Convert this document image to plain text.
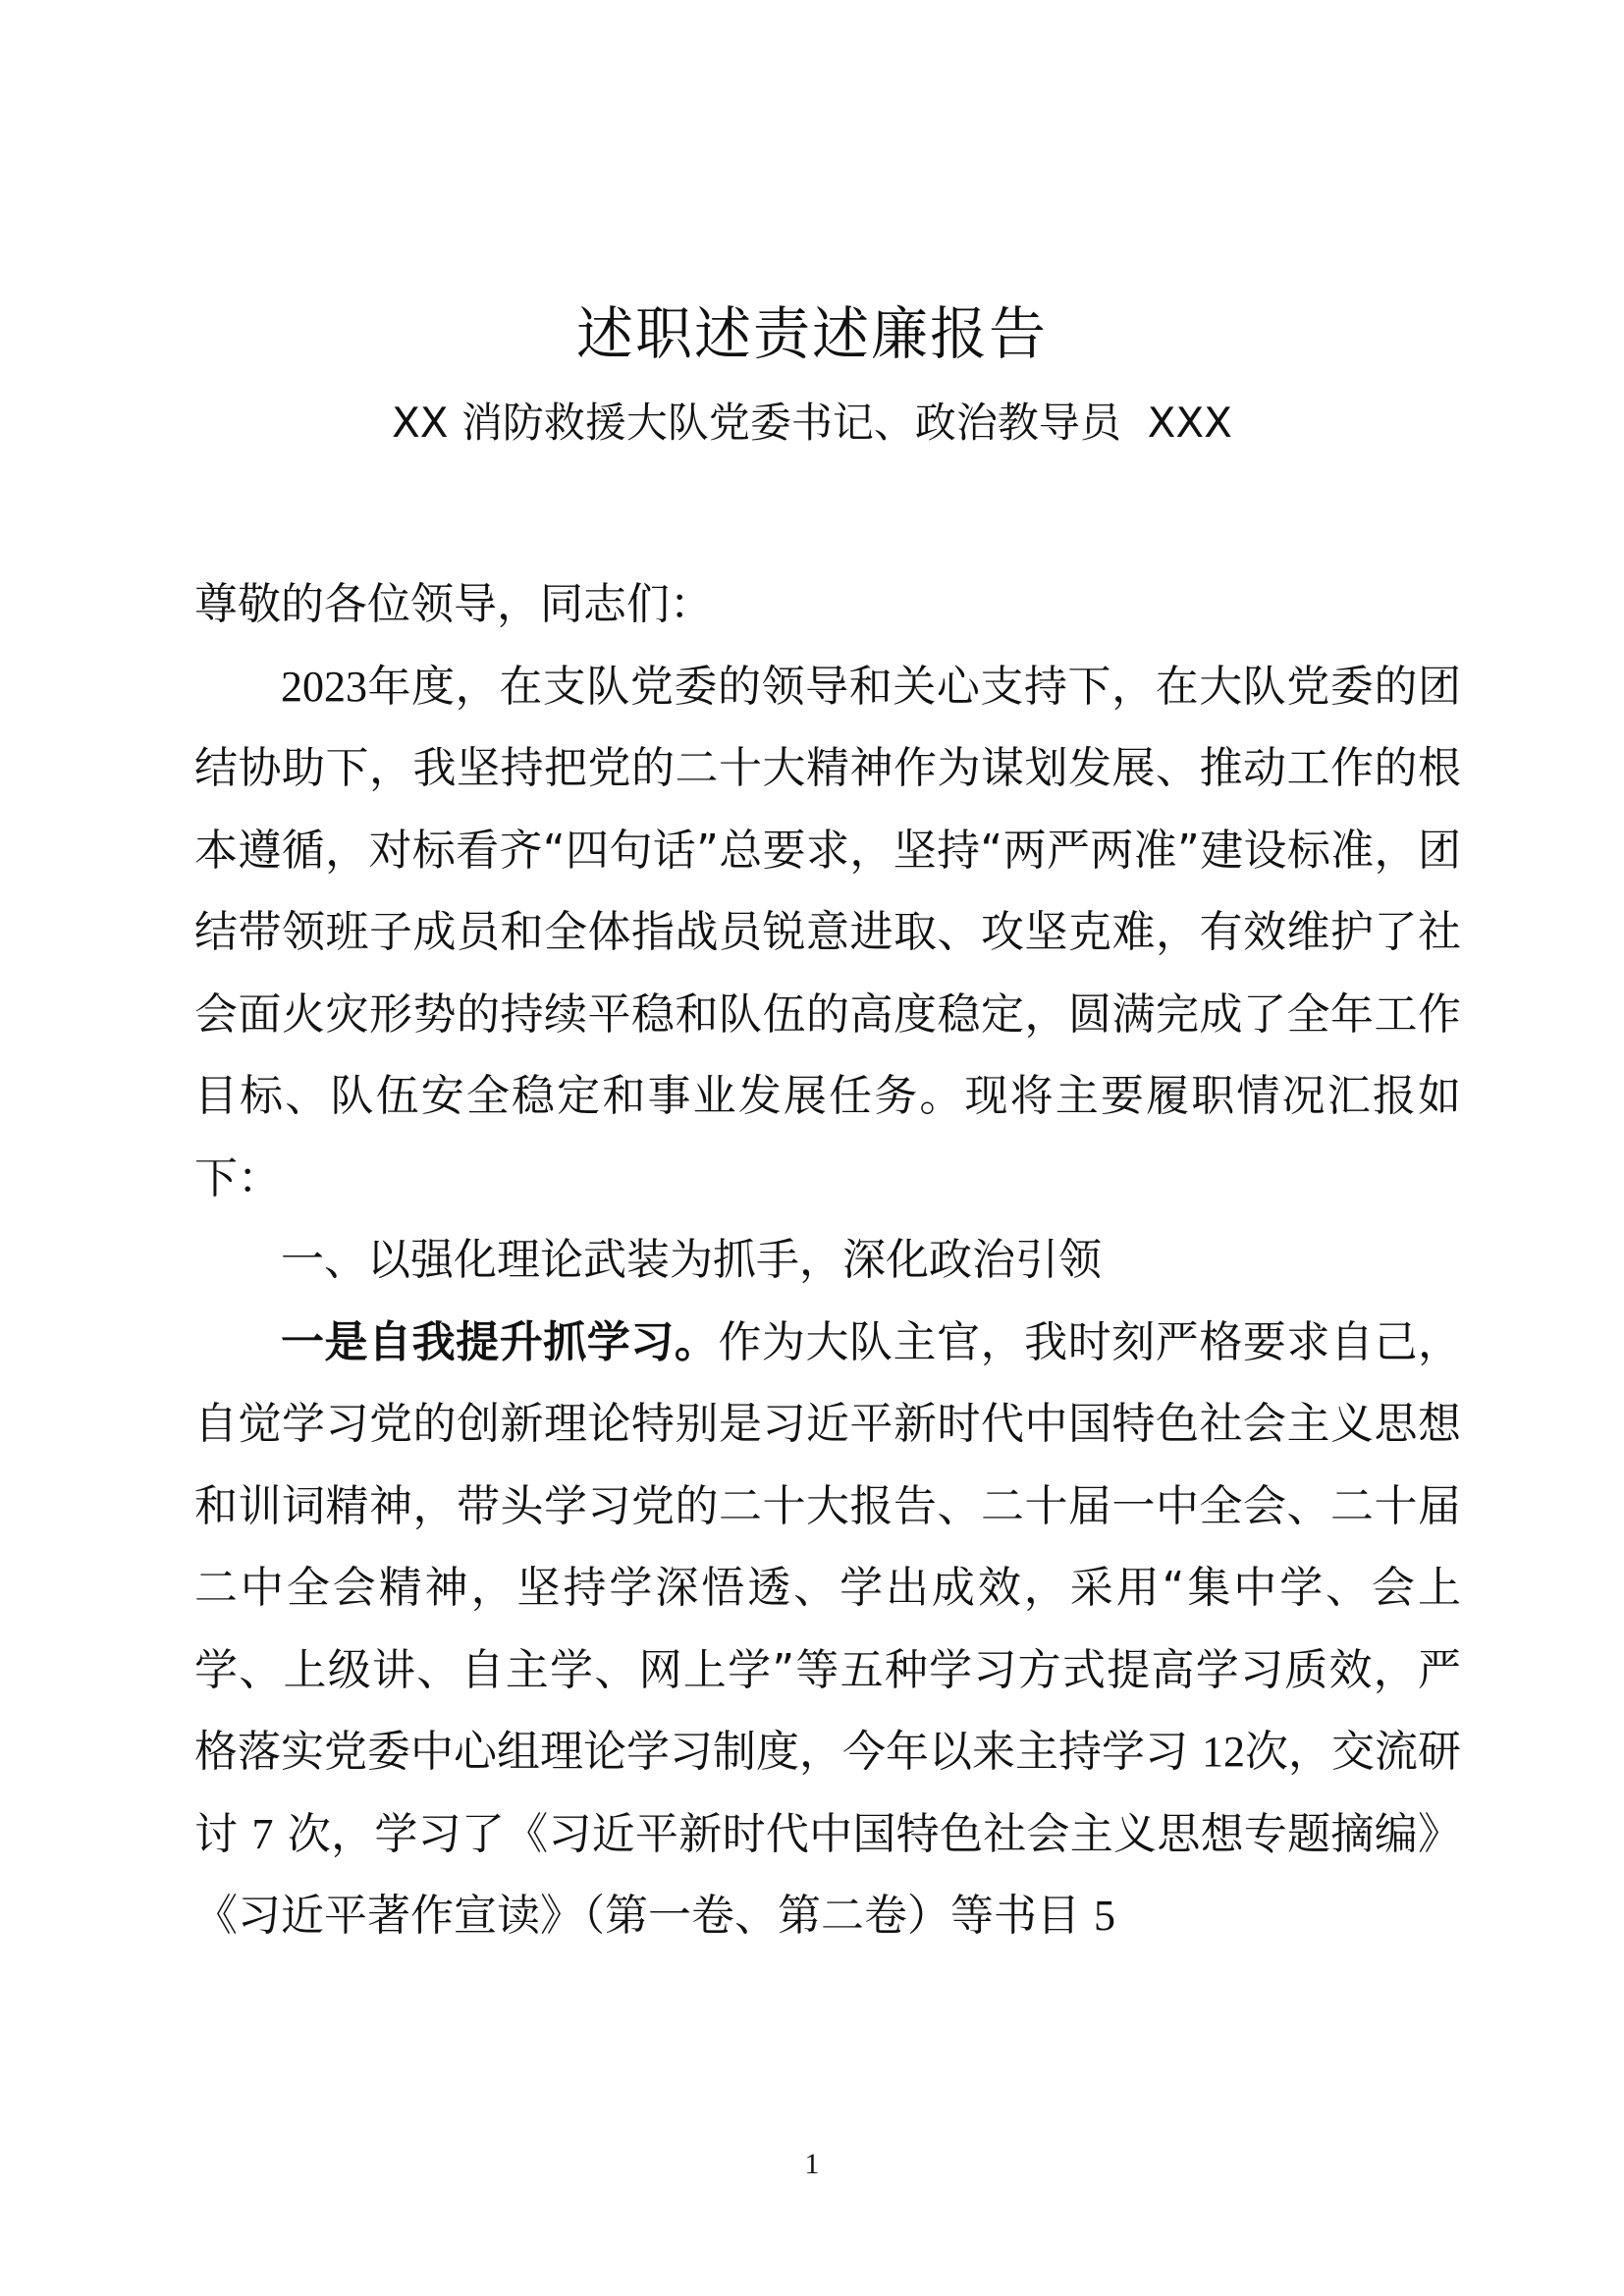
述职述责述廉报告
XX 消防救援大队党委书记、政治教导员  XXX

尊敬的各位领导，同志们：

2023年度，在支队党委的领导和关心支持下，在大队党委的团结协助下，我坚持把党的二十大精神作为谋划发展、推动工作的根本遵循，对标看齐“四句话”总要求，坚持“两严两准”建设标准，团结带领班子成员和全体指战员锐意进取、攻坚克难，有效维护了社会面火灾形势的持续平稳和队伍的高度稳定，圆满完成了全年工作目标、队伍安全稳定和事业发展任务。现将主要履职情况汇报如下：

一、以强化理论武装为抓手，深化政治引领

一是自我提升抓学习。作为大队主官，我时刻严格要求自己，自觉学习党的创新理论特别是习近平新时代中国特色社会主义思想和训词精神，带头学习党的二十大报告、二十届一中全会、二十届二中全会精神，坚持学深悟透、学出成效，采用“集中学、会上学、上级讲、自主学、网上学”等五种学习方式提高学习质效，严格落实党委中心组理论学习制度，今年以来主持学习 12次，交流研讨 7 次，学习了《习近平新时代中国特色社会主义思想专题摘编》《习近平著作宣读》（第一卷、第二卷）等书目 5

1
